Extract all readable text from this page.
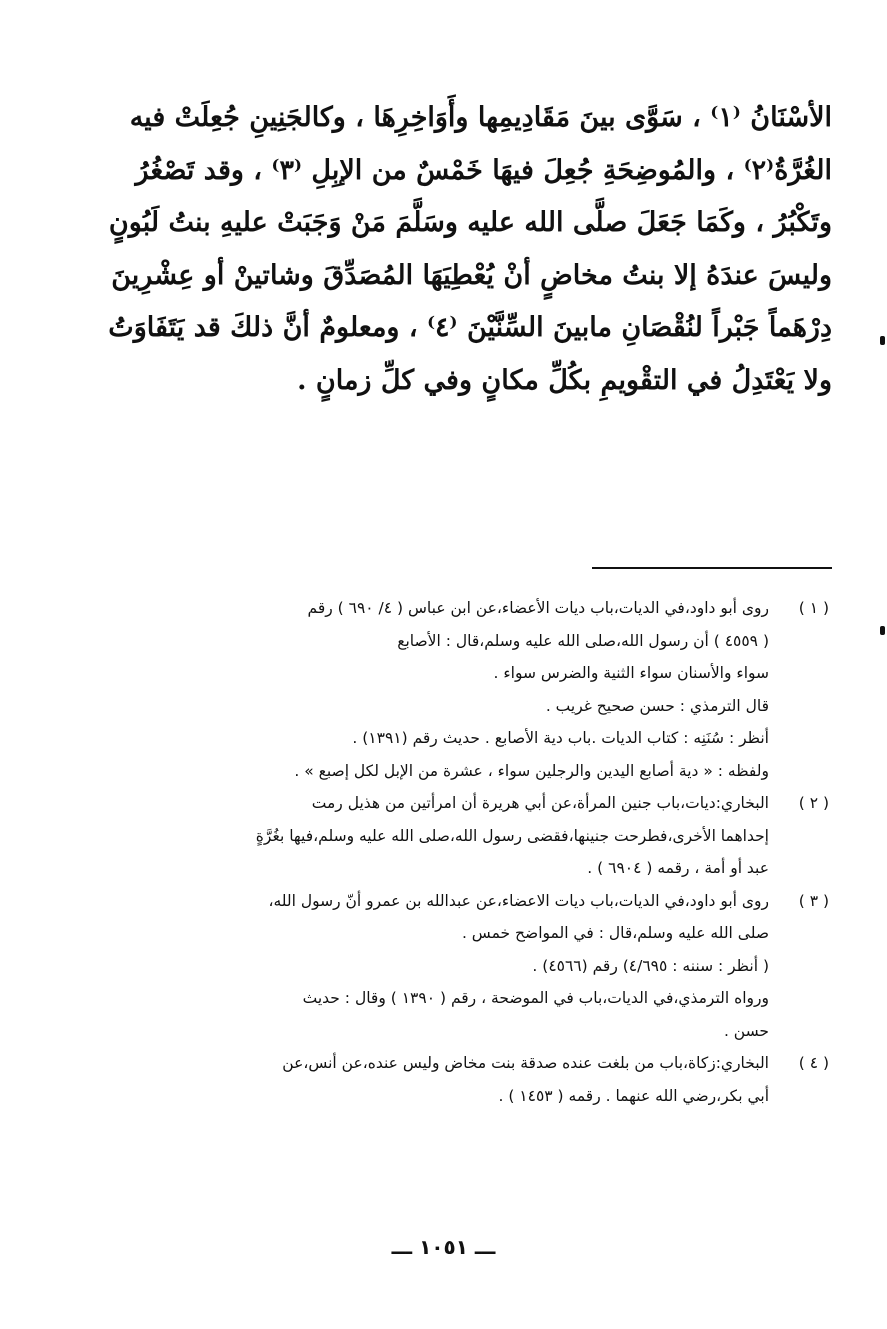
الأسْنَانُ ⁽١⁾ ، سَوَّى بينَ مَقَادِيمِها وأَوَاخِرِهَا ، وكالجَنِينِ جُعِلَتْ فيه
الغُرَّةُ⁽٢⁾ ، والمُوضِحَةِ جُعِلَ فيهَا خَمْسٌ من الإبِلِ ⁽٣⁾ ، وقد تَصْغُرُ
وتَكْبُرُ ، وكَمَا جَعَلَ صلَّى الله عليه وسَلَّمَ مَنْ وَجَبَتْ عليهِ بنتُ لَبُونٍ
وليسَ عندَهُ إلا بنتُ مخاضٍ أنْ يُعْطِيَهَا المُصَدِّقَ وشاتينْ أو عِشْرِينَ
دِرْهَماً جَبْراً لنُقْصَانِ مابينَ السِّنَّيْنَ ⁽٤⁾ ، ومعلومٌ أنَّ ذلكَ قد يَتَفَاوَتُ
ولا يَعْتَدِلُ في التقْويمِ بكُلِّ مكانٍ وفي كلِّ زمانٍ .
( ١ )
روى أبو داود،في الديات،باب ديات الأعضاء،عن ابن عباس ( ٤/ ٦٩٠ ) رقم
( ٤٥٥٩ ) أن رسول الله،صلى الله عليه وسلم،قال : الأصابع
سواء والأسنان سواء الثنية والضرس سواء .
قال الترمذي : حسن صحيح غريب .
أنظر : سُنَنِه : كتاب الديات .باب دية الأصابع . حديث رقم (١٣٩١) .
ولفظه : « دية أصابع اليدين والرجلين سواء ، عشرة من الإبل لكل إصبع » .
( ٢ )
البخاري:ديات،باب جنين المرأة،عن أبي هريرة أن امرأتين من هذيل رمت
إحداهما الأخرى،فطرحت جنينها،فقضى رسول الله،صلى الله عليه وسلم،فيها بغُرَّةٍ
عبد أو أمة ، رقمه ( ٦٩٠٤ ) .
( ٣ )
روى أبو داود،في الديات،باب ديات الاعضاء،عن عبدالله بن عمرو أنّ رسول الله،
صلى الله عليه وسلم،قال : في المواضح خمس .
( أنظر : سننه : ٤/٦٩٥) رقم (٤٥٦٦) .
ورواه الترمذي،في الديات،باب في الموضحة ، رقم ( ١٣٩٠ ) وقال : حديث
حسن .
( ٤ )
البخاري:زكاة،باب من بلغت عنده صدقة بنت مخاض وليس عنده،عن أنس،عن
أبي بكر،رضي الله عنهما . رقمه ( ١٤٥٣ ) .
ـــ ١٠٥١ ـــ
